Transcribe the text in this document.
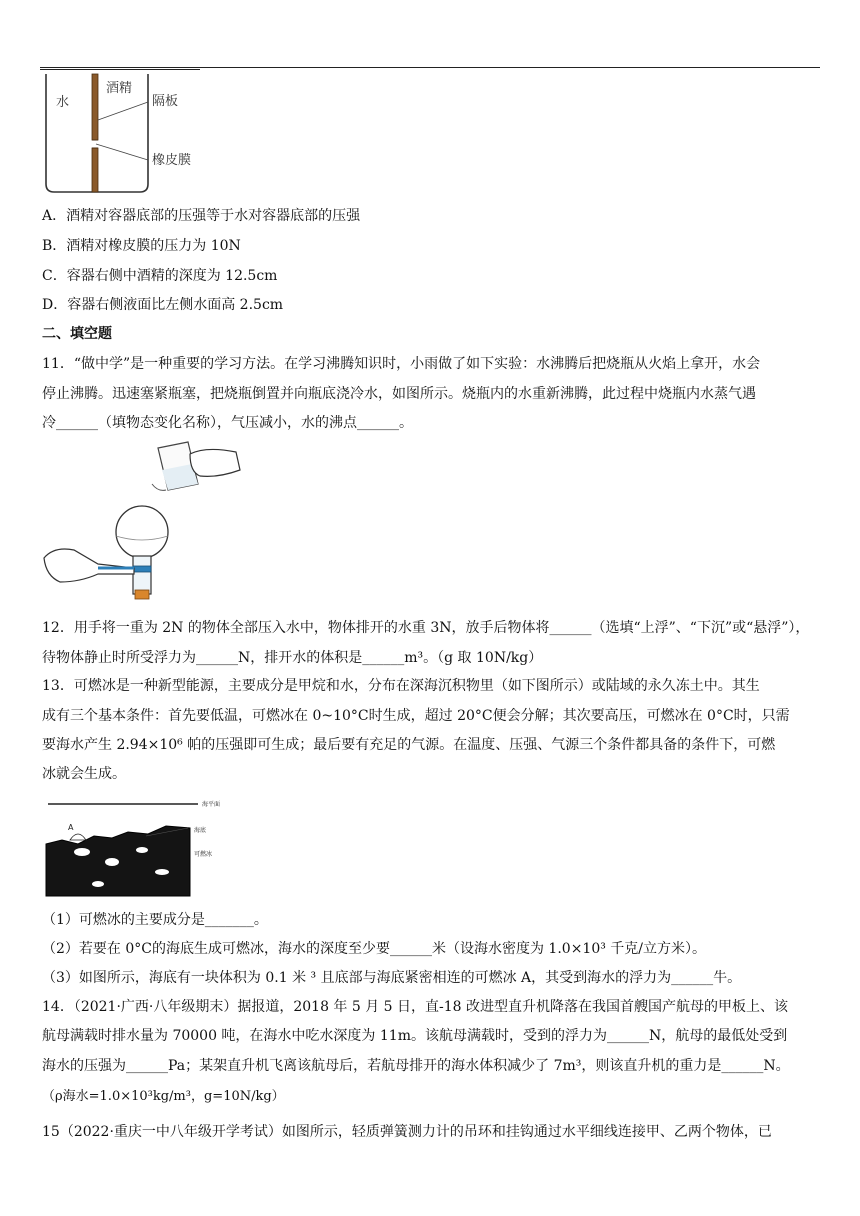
水
酒精
隔板
橡皮膜
A．酒精对容器底部的压强等于水对容器底部的压强
B．酒精对橡皮膜的压力为 10N
C．容器右侧中酒精的深度为 12.5cm
D．容器右侧液面比左侧水面高 2.5cm
二、填空题
11．“做中学”是一种重要的学习方法。在学习沸腾知识时，小雨做了如下实验：水沸腾后把烧瓶从火焰上拿开，水会
停止沸腾。迅速塞紧瓶塞，把烧瓶倒置并向瓶底浇冷水，如图所示。烧瓶内的水重新沸腾，此过程中烧瓶内水蒸气遇
冷______（填物态变化名称），气压减小，水的沸点______。
12．用手将一重为 2N 的物体全部压入水中，物体排开的水重 3N，放手后物体将______（选填“上浮”、“下沉”或“悬浮”），
待物体静止时所受浮力为______N，排开水的体积是______m³。（g 取 10N/kg）
13．可燃冰是一种新型能源，主要成分是甲烷和水，分布在深海沉积物里（如下图所示）或陆域的永久冻土中。其生
成有三个基本条件：首先要低温，可燃冰在 0~10°C时生成，超过 20°C便会分解；其次要高压，可燃冰在 0°C时，只需
要海水产生 2.94×10⁶ 帕的压强即可生成；最后要有充足的气源。在温度、压强、气源三个条件都具备的条件下，可燃
冰就会生成。
海平面
A	海底
可燃冰
（1）可燃冰的主要成分是_______。
（2）若要在 0°C的海底生成可燃冰，海水的深度至少要______米（设海水密度为 1.0×10³ 千克/立方米）。
（3）如图所示，海底有一块体积为 0.1 米 ³ 且底部与海底紧密相连的可燃冰 A，其受到海水的浮力为______牛。
14．（2021·广西·八年级期末）据报道，2018 年 5 月 5 日，直-18 改进型直升机降落在我国首艘国产航母的甲板上、该
航母满载时排水量为 70000 吨，在海水中吃水深度为 11m。该航母满载时，受到的浮力为______N，航母的最低处受到
海水的压强为______Pa；某架直升机飞离该航母后，若航母排开的海水体积减少了 7m³，则该直升机的重力是______N。
（ρ海水=1.0×10³kg/m³，g=10N/kg）
15（2022·重庆一中八年级开学考试）如图所示，轻质弹簧测力计的吊环和挂钩通过水平细线连接甲、乙两个物体，已
